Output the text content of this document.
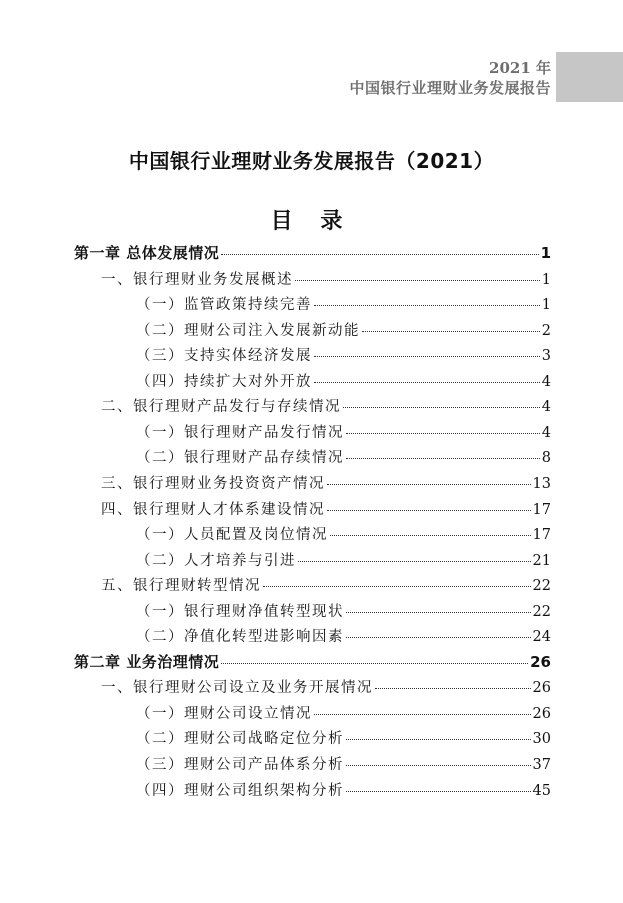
2021 年
中国银行业理财业务发展报告
中国银行业理财业务发展报告（2021）
目 录
第一章 总体发展情况	1
一、银行理财业务发展概述	1
（一）监管政策持续完善	1
（二）理财公司注入发展新动能	2
（三）支持实体经济发展	3
（四）持续扩大对外开放	4
二、银行理财产品发行与存续情况	4
（一）银行理财产品发行情况	4
（二）银行理财产品存续情况	8
三、银行理财业务投资资产情况	13
四、银行理财人才体系建设情况	17
（一）人员配置及岗位情况	17
（二）人才培养与引进	21
五、银行理财转型情况	22
（一）银行理财净值转型现状	22
（二）净值化转型进影响因素	24
第二章 业务治理情况	26
一、银行理财公司设立及业务开展情况	26
（一）理财公司设立情况	26
（二）理财公司战略定位分析	30
（三）理财公司产品体系分析	37
（四）理财公司组织架构分析	45
